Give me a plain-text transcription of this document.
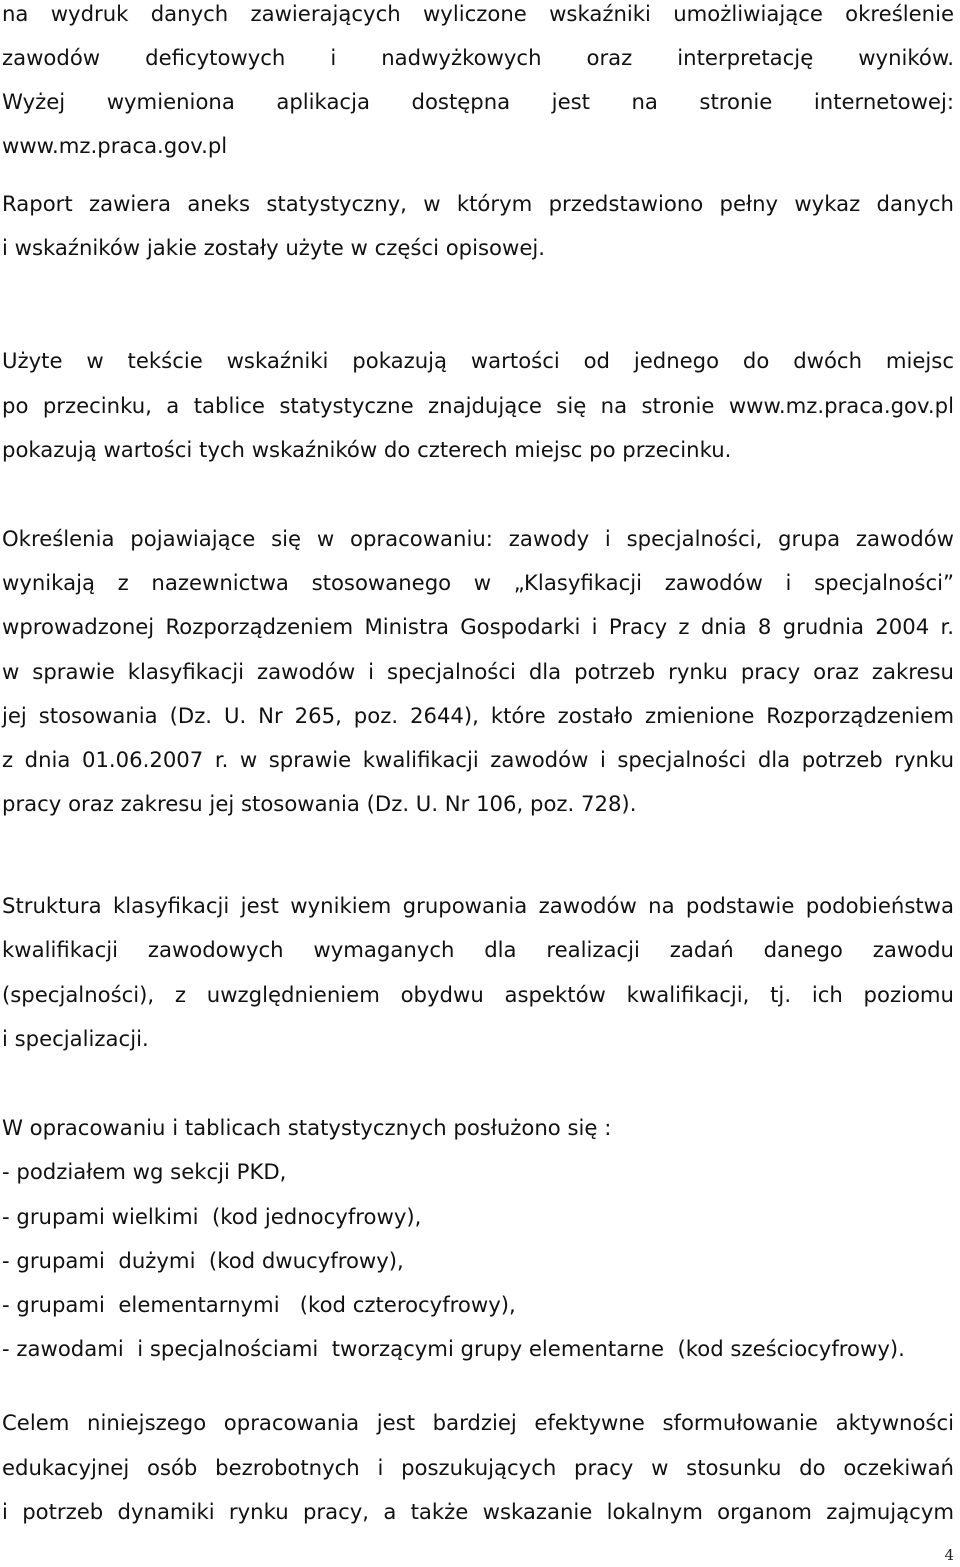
na wydruk danych zawierających wyliczone wskaźniki umożliwiające określenie
zawodów deficytowych i nadwyżkowych oraz interpretację wyników.
Wyżej wymieniona aplikacja dostępna jest na stronie internetowej:
www.mz.praca.gov.pl
Raport zawiera aneks statystyczny, w którym przedstawiono pełny wykaz danych
i wskaźników jakie zostały użyte w części opisowej.
Użyte w tekście wskaźniki pokazują wartości od jednego do dwóch miejsc
po przecinku, a tablice statystyczne znajdujące się na stronie www.mz.praca.gov.pl
pokazują wartości tych wskaźników do czterech miejsc po przecinku.
Określenia pojawiające się w opracowaniu: zawody i specjalności, grupa zawodów
wynikają z nazewnictwa stosowanego w „Klasyfikacji zawodów i specjalności”
wprowadzonej Rozporządzeniem Ministra Gospodarki i Pracy z dnia 8 grudnia 2004 r.
w sprawie klasyfikacji zawodów i specjalności dla potrzeb rynku pracy oraz zakresu
jej stosowania (Dz. U. Nr 265, poz. 2644), które zostało zmienione Rozporządzeniem
z dnia 01.06.2007 r. w sprawie kwalifikacji zawodów i specjalności dla potrzeb rynku
pracy oraz zakresu jej stosowania (Dz. U. Nr 106, poz. 728).
Struktura klasyfikacji jest wynikiem grupowania zawodów na podstawie podobieństwa
kwalifikacji zawodowych wymaganych dla realizacji zadań danego zawodu
(specjalności), z uwzględnieniem obydwu aspektów kwalifikacji, tj. ich poziomu
i specjalizacji.
W opracowaniu i tablicach statystycznych posłużono się :
- podziałem wg sekcji PKD,
- grupami wielkimi  (kod jednocyfrowy),
- grupami  dużymi  (kod dwucyfrowy),
- grupami  elementarnymi   (kod czterocyfrowy),
- zawodami  i specjalnościami  tworzącymi grupy elementarne  (kod sześciocyfrowy).
Celem niniejszego opracowania jest bardziej efektywne sformułowanie aktywności
edukacyjnej osób bezrobotnych i poszukujących pracy w stosunku do oczekiwań
i potrzeb dynamiki rynku pracy, a także wskazanie lokalnym organom zajmującym
4
